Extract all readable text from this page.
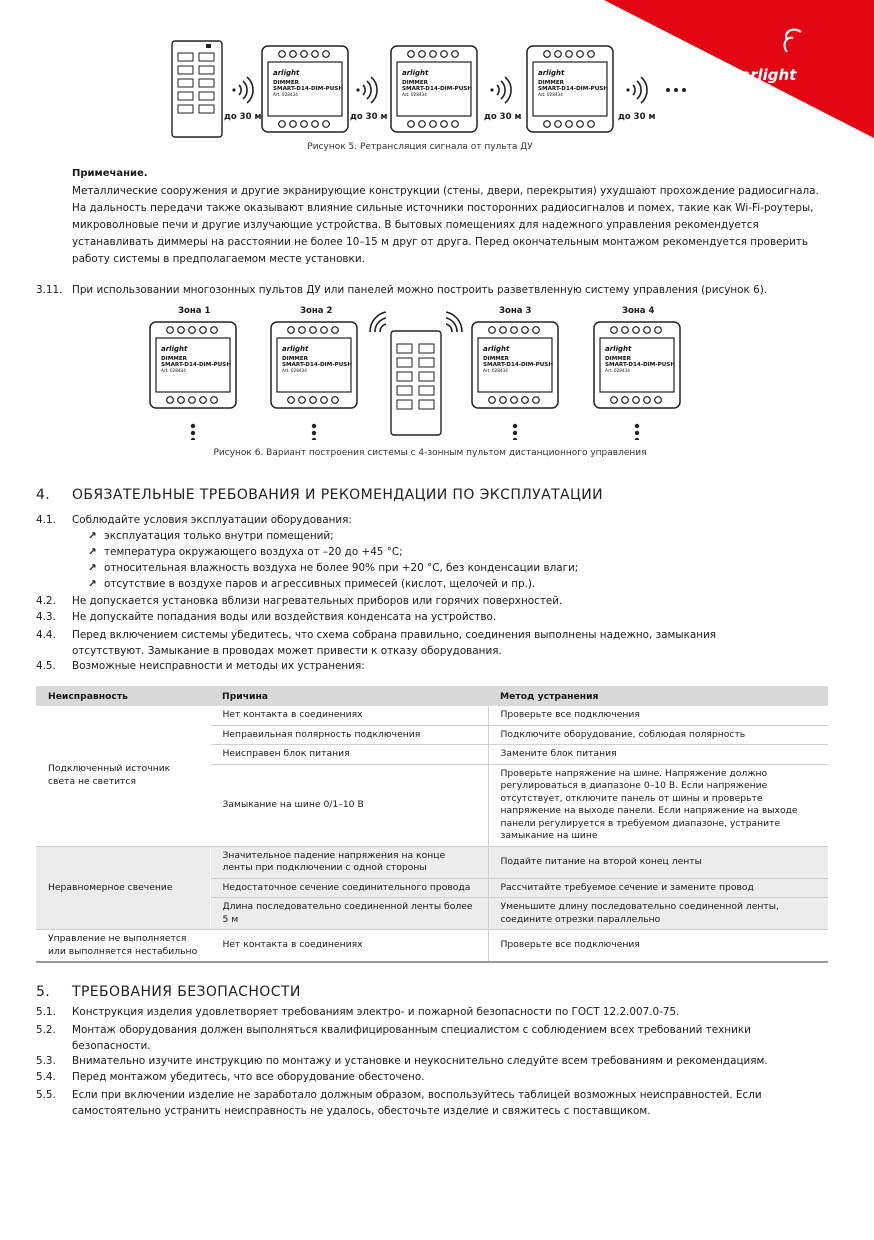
arlight
arlight
DIMMER
SMART-D14-DIM-PUSH
Art. 028434
arlight
DIMMER
SMART-D14-DIM-PUSH
Art. 028434
arlight
DIMMER
SMART-D14-DIM-PUSH
Art. 028434
до 30 м	до 30 м	до 30 м	до 30 м
Рисунок 5. Ретрансляция сигнала от пульта ДУ
Примечание.
Металлические сооружения и другие экранирующие конструкции (стены, двери, перекрытия) ухудшают прохождение радиосигнала. На дальность передачи также оказывают влияние сильные источники посторонних радиосигналов и помех, такие как Wi-Fi-роутеры, микроволновые печи и другие излучающие устройства. В бытовых помещениях для надежного управления рекомендуется устанавливать диммеры на расстоянии не более 10–15 м друг от друга. Перед окончательным монтажом рекомендуется проверить работу системы в предполагаемом месте установки.
3.11. При использовании многозонных пультов ДУ или панелей можно построить разветвленную систему управления (рисунок 6).
arlight
DIMMER
SMART-D14-DIM-PUSH
Art. 028434
arlight
DIMMER
SMART-D14-DIM-PUSH
Art. 028434
arlight
DIMMER
SMART-D14-DIM-PUSH
Art. 028434
arlight
DIMMER
SMART-D14-DIM-PUSH
Art. 028434
Зона 1	Зона 2	Зона 3	Зона 4
Рисунок 6. Вариант построения системы с 4-зонным пультом дистанционного управления
4. ОБЯЗАТЕЛЬНЫЕ ТРЕБОВАНИЯ И РЕКОМЕНДАЦИИ ПО ЭКСПЛУАТАЦИИ
4.1. Соблюдайте условия эксплуатации оборудования:
↗ эксплуатация только внутри помещений;
↗ температура окружающего воздуха от –20 до +45 °C;
↗ относительная влажность воздуха не более 90% при +20 °C, без конденсации влаги;
↗ отсутствие в воздухе паров и агрессивных примесей (кислот, щелочей и пр.).
4.2. Не допускается установка вблизи нагревательных приборов или горячих поверхностей.
4.3. Не допускайте попадания воды или воздействия конденсата на устройство.
4.4. Перед включением системы убедитесь, что схема собрана правильно, соединения выполнены надежно, замыкания отсутствуют. Замыкание в проводах может привести к отказу оборудования.
4.5. Возможные неисправности и методы их устранения:
Неисправность	Причина	Метод устранения
Подключенный источник света не светится	Нет контакта в соединениях	Проверьте все подключения
	Неправильная полярность подключения	Подключите оборудование, соблюдая полярность
	Неисправен блок питания	Замените блок питания
	Замыкание на шине 0/1–10 В	Проверьте напряжение на шине. Напряжение должно регулироваться в диапазоне 0–10 В. Если напряжение отсутствует, отключите панель от шины и проверьте напряжение на выходе панели. Если напряжение на выходе панели регулируется в требуемом диапазоне, устраните замыкание на шине
Неравномерное свечение	Значительное падение напряжения на конце ленты при подключении с одной стороны	Подайте питание на второй конец ленты
	Недостаточное сечение соединительного провода	Рассчитайте требуемое сечение и замените провод
	Длина последовательно соединенной ленты более 5 м	Уменьшите длину последовательно соединенной ленты, соедините отрезки параллельно
Управление не выполняется или выполняется нестабильно	Нет контакта в соединениях	Проверьте все подключения
5. ТРЕБОВАНИЯ БЕЗОПАСНОСТИ
5.1. Конструкция изделия удовлетворяет требованиям электро- и пожарной безопасности по ГОСТ 12.2.007.0-75.
5.2. Монтаж оборудования должен выполняться квалифицированным специалистом с соблюдением всех требований техники безопасности.
5.3. Внимательно изучите инструкцию по монтажу и установке и неукоснительно следуйте всем требованиям и рекомендациям.
5.4. Перед монтажом убедитесь, что все оборудование обесточено.
5.5. Если при включении изделие не заработало должным образом, воспользуйтесь таблицей возможных неисправностей. Если самостоятельно устранить неисправность не удалось, обесточьте изделие и свяжитесь с поставщиком.
